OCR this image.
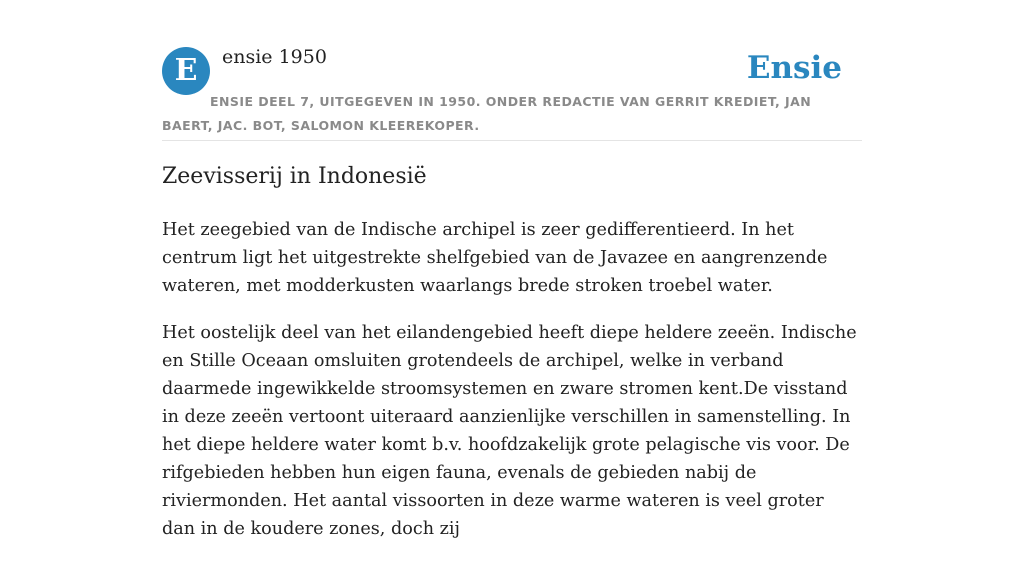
E	ensie 1950	Ensie
ENSIE DEEL 7, UITGEGEVEN IN 1950. ONDER REDACTIE VAN GERRIT KREDIET, JAN BAERT, JAC. BOT, SALOMON KLEEREKOPER.
Zeevisserij in Indonesië

Het zeegebied van de Indische archipel is zeer gedifferentieerd. In het centrum ligt het uitgestrekte shelfgebied van de Javazee en aangrenzende wateren, met modderkusten waarlangs brede stroken troebel water.

Het oostelijk deel van het eilandengebied heeft diepe heldere zeeën. Indische en Stille Oceaan omsluiten grotendeels de archipel, welke in verband daarmede ingewikkelde stroomsystemen en zware stromen kent.De visstand in deze zeeën vertoont uiteraard aanzienlijke verschillen in samenstelling. In het diepe heldere water komt b.v. hoofdzakelijk grote pelagische vis voor. De rifgebieden hebben hun eigen fauna, evenals de gebieden nabij de riviermonden. Het aantal vissoorten in deze warme wateren is veel groter dan in de koudere zones, doch zij
